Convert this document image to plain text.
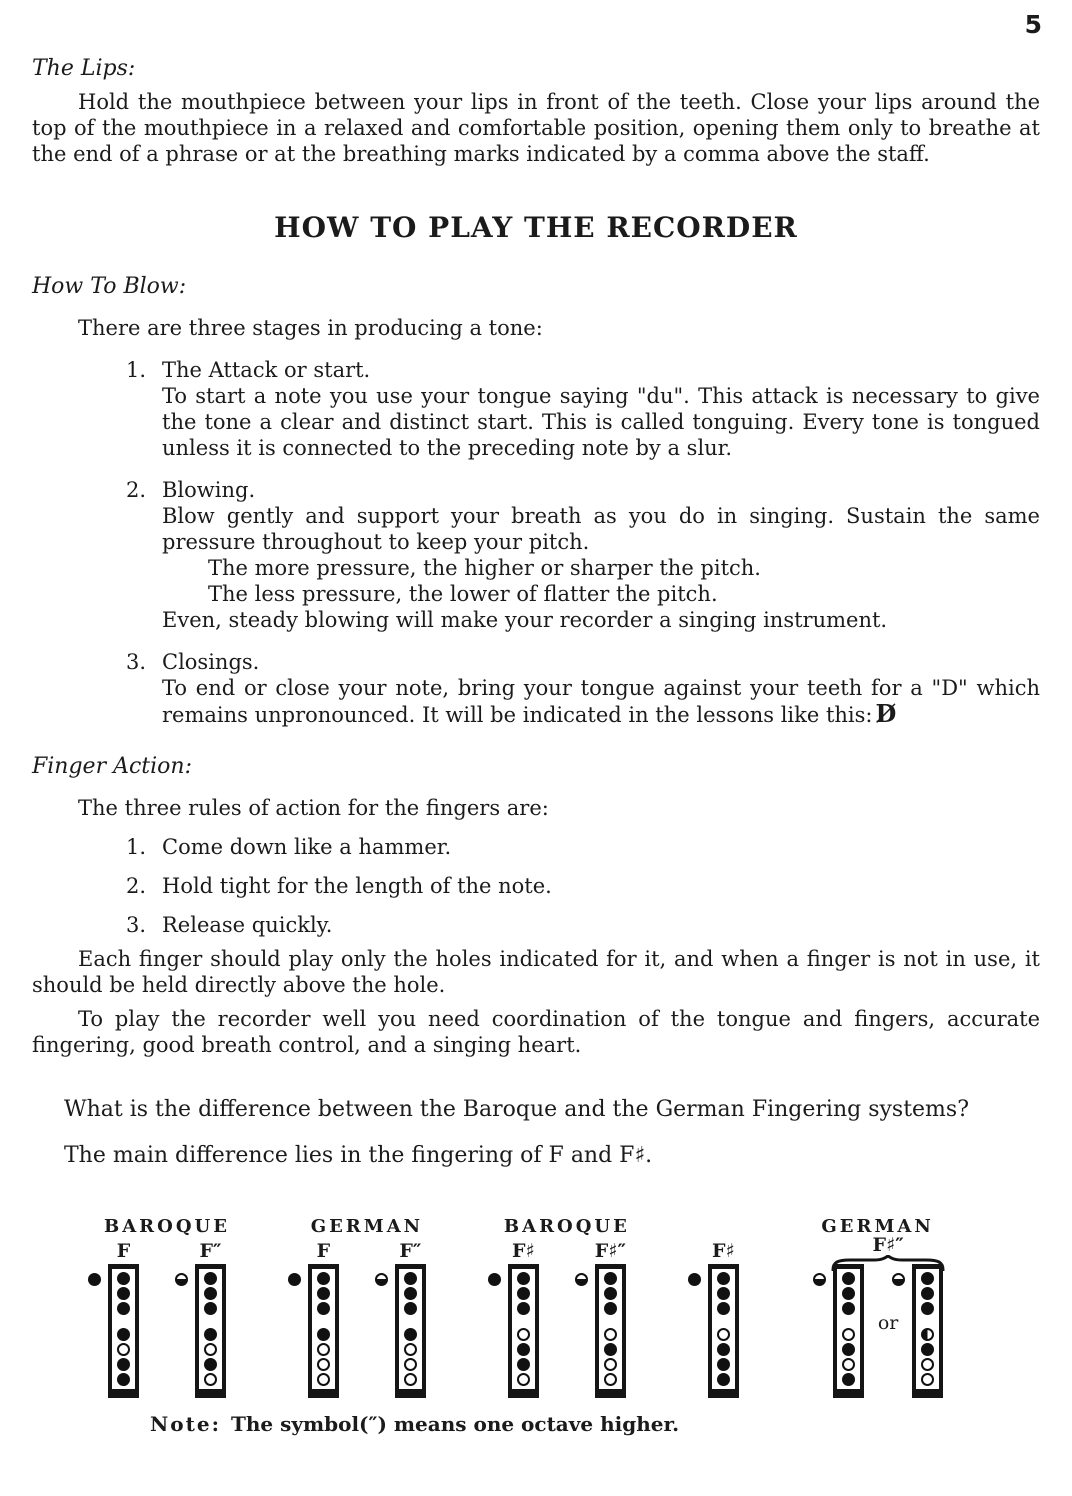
5
The Lips:

Hold the mouthpiece between your lips in front of the teeth. Close your lips around the top of the mouthpiece in a relaxed and comfortable position, opening them only to breathe at the end of a phrase or at the breathing marks indicated by a comma above the staff.

HOW TO PLAY THE RECORDER
How To Blow:

There are three stages in producing a tone:

1. The Attack or start.
To start a note you use your tongue saying "du". This attack is necessary to give the tone a clear and distinct start. This is called tonguing. Every tone is tongued unless it is connected to the preceding note by a slur.
2. Blowing.
Blow gently and support your breath as you do in singing. Sustain the same pressure throughout to keep your pitch.
The more pressure, the higher or sharper the pitch.
The less pressure, the lower of flatter the pitch.
Even, steady blowing will make your recorder a singing instrument.
3. Closings.
To end or close your note, bring your tongue against your teeth for a "D" which remains unpronounced. It will be indicated in the lessons like this: D̸
Finger Action:

The three rules of action for the fingers are:

1. Come down like a hammer.
2. Hold tight for the length of the note.
3. Release quickly.

Each finger should play only the holes indicated for it, and when a finger is not in use, it should be held directly above the hole.

To play the recorder well you need coordination of the tongue and fingers, accurate fingering, good breath control, and a singing heart.

What is the difference between the Baroque and the German Fingering systems?

The main difference lies in the fingering of F and F♯.

BAROQUE
F	F″
GERMAN
F	F″
BAROQUE
F♯	F♯″
GERMAN
F♯	F♯″
or
Note: The symbol(″) means one octave higher.
